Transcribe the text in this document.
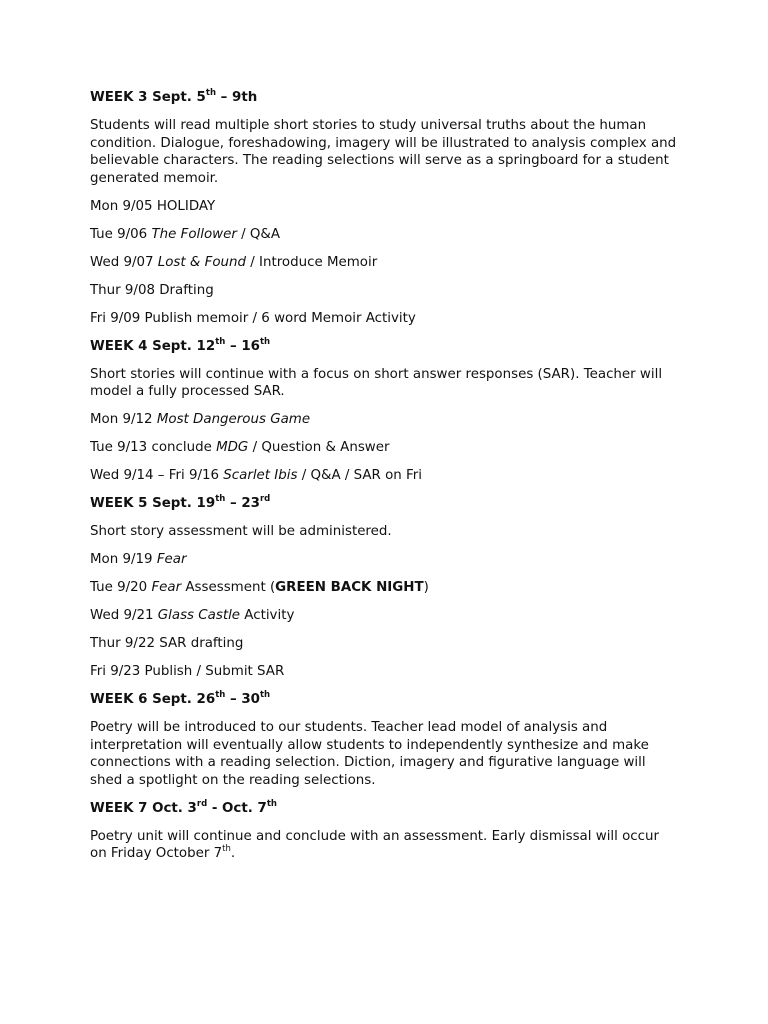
WEEK 3 Sept. 5th – 9th

Students will read multiple short stories to study universal truths about the human condition. Dialogue, foreshadowing, imagery will be illustrated to analysis complex and believable characters. The reading selections will serve as a springboard for a student generated memoir.

Mon 9/05 HOLIDAY

Tue 9/06 The Follower / Q&A

Wed 9/07 Lost & Found / Introduce Memoir

Thur 9/08 Drafting

Fri 9/09 Publish memoir / 6 word Memoir Activity

WEEK 4 Sept. 12th – 16th

Short stories will continue with a focus on short answer responses (SAR). Teacher will model a fully processed SAR.

Mon 9/12 Most Dangerous Game

Tue 9/13 conclude MDG / Question & Answer

Wed 9/14 – Fri 9/16 Scarlet Ibis / Q&A / SAR on Fri

WEEK 5 Sept. 19th – 23rd

Short story assessment will be administered.

Mon 9/19 Fear

Tue 9/20 Fear Assessment (GREEN BACK NIGHT)

Wed 9/21 Glass Castle Activity

Thur 9/22 SAR drafting

Fri 9/23 Publish / Submit SAR

WEEK 6 Sept. 26th – 30th

Poetry will be introduced to our students. Teacher lead model of analysis and interpretation will eventually allow students to independently synthesize and make connections with a reading selection. Diction, imagery and figurative language will shed a spotlight on the reading selections.

WEEK 7 Oct. 3rd - Oct. 7th

Poetry unit will continue and conclude with an assessment. Early dismissal will occur on Friday October 7th.
